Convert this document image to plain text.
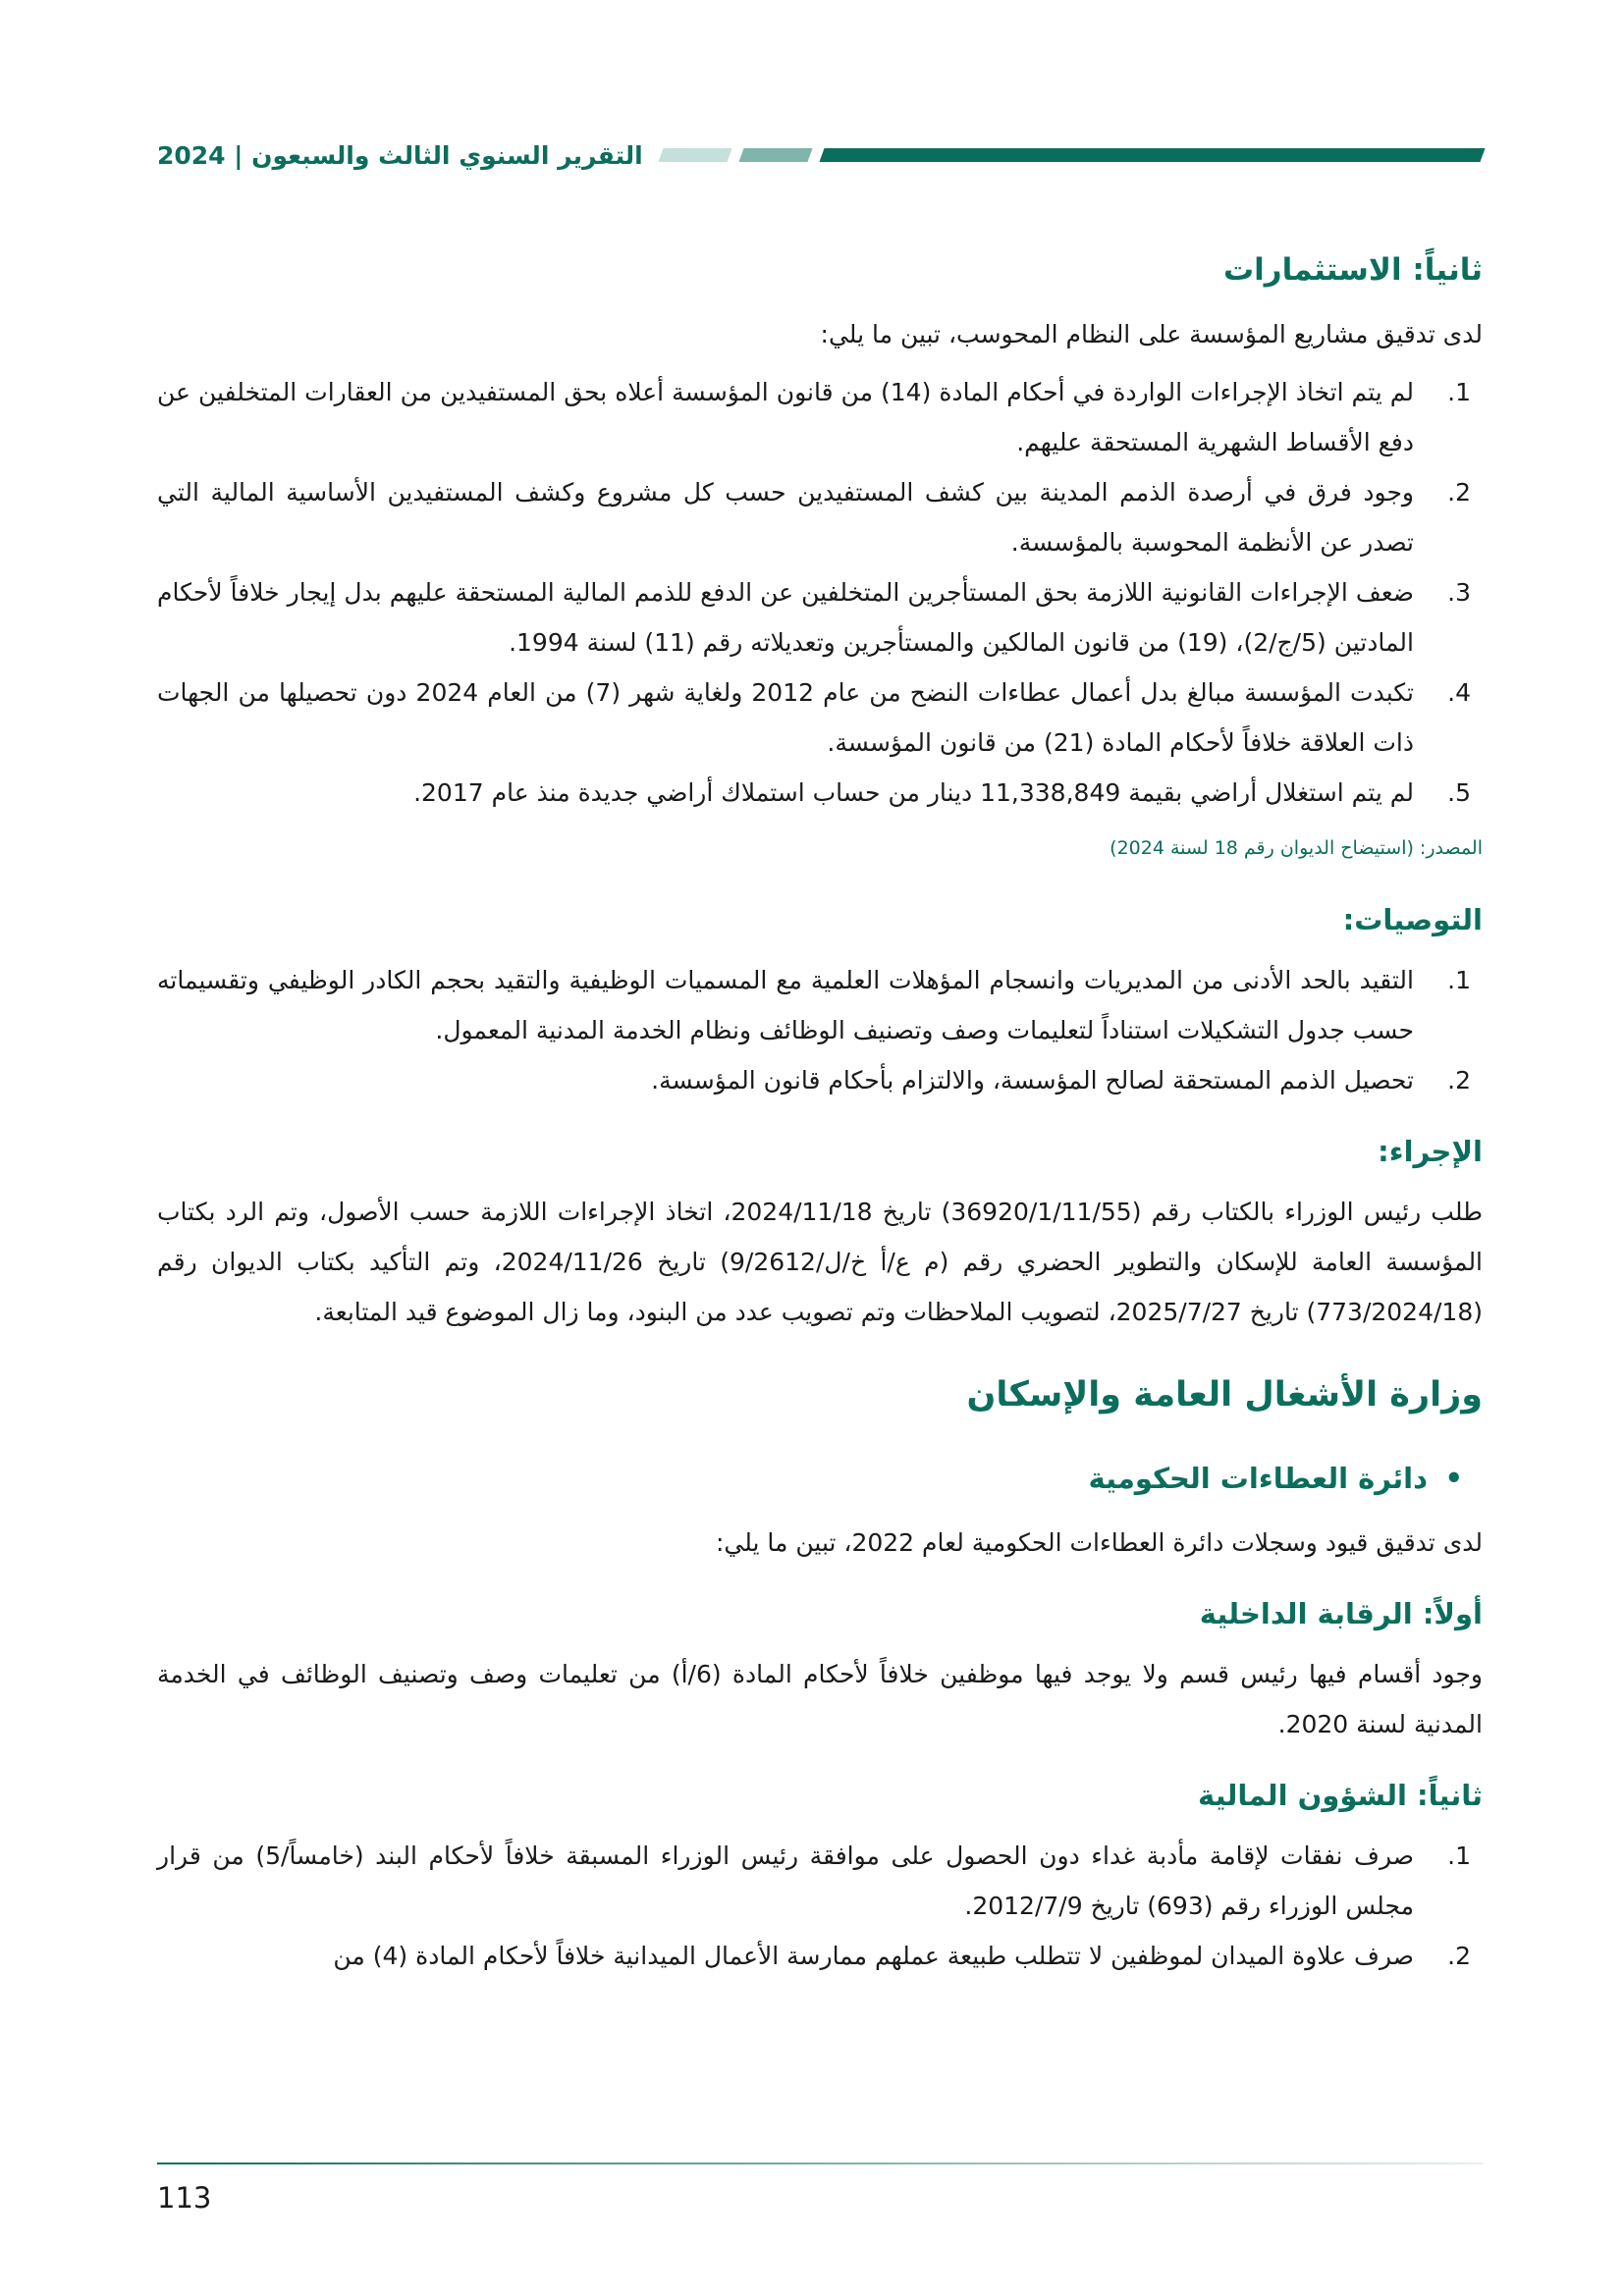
التقرير السنوي الثالث والسبعون | 2024
ثانياً: الاستثمارات

لدى تدقيق مشاريع المؤسسة على النظام المحوسب، تبين ما يلي:

1.
لم يتم اتخاذ الإجراءات الواردة في أحكام المادة (14) من قانون المؤسسة أعلاه بحق المستفيدين من العقارات المتخلفين عن دفع الأقساط الشهرية المستحقة عليهم.
2.
وجود فرق في أرصدة الذمم المدينة بين كشف المستفيدين حسب كل مشروع وكشف المستفيدين الأساسية المالية التي تصدر عن الأنظمة المحوسبة بالمؤسسة.
3.
ضعف الإجراءات القانونية اللازمة بحق المستأجرين المتخلفين عن الدفع للذمم المالية المستحقة عليهم بدل إيجار خلافاً لأحكام المادتين (5/ج/2)، (19) من قانون المالكين والمستأجرين وتعديلاته رقم (11) لسنة 1994.
4.
تكبدت المؤسسة مبالغ بدل أعمال عطاءات النضح من عام 2012 ولغاية شهر (7) من العام 2024 دون تحصيلها من الجهات ذات العلاقة خلافاً لأحكام المادة (21) من قانون المؤسسة.
5.
لم يتم استغلال أراضي بقيمة 11,338,849 دينار من حساب استملاك أراضي جديدة منذ عام 2017.
المصدر: (استيضاح الديوان رقم 18 لسنة 2024)
التوصيات:
1.
التقيد بالحد الأدنى من المديريات وانسجام المؤهلات العلمية مع المسميات الوظيفية والتقيد بحجم الكادر الوظيفي وتقسيماته حسب جدول التشكيلات استناداً لتعليمات وصف وتصنيف الوظائف ونظام الخدمة المدنية المعمول.
2.
تحصيل الذمم المستحقة لصالح المؤسسة، والالتزام بأحكام قانون المؤسسة.
الإجراء:

طلب رئيس الوزراء بالكتاب رقم (36920/1/11/55) تاريخ 2024/11/18، اتخاذ الإجراءات اللازمة حسب الأصول، وتم الرد بكتاب المؤسسة العامة للإسكان والتطوير الحضري رقم (م ع/أ خ/ل/9/2612) تاريخ 2024/11/26، وتم التأكيد بكتاب الديوان رقم (773/2024/18) تاريخ 2025/7/27، لتصويب الملاحظات وتم تصويب عدد من البنود، وما زال الموضوع قيد المتابعة.

وزارة الأشغال العامة والإسكان
• دائرة العطاءات الحكومية

لدى تدقيق قيود وسجلات دائرة العطاءات الحكومية لعام 2022، تبين ما يلي:

أولاً: الرقابة الداخلية

وجود أقسام فيها رئيس قسم ولا يوجد فيها موظفين خلافاً لأحكام المادة (6/أ) من تعليمات وصف وتصنيف الوظائف في الخدمة المدنية لسنة 2020.

ثانياً: الشؤون المالية
1.
صرف نفقات لإقامة مأدبة غداء دون الحصول على موافقة رئيس الوزراء المسبقة خلافاً لأحكام البند (خامساً/5) من قرار مجلس الوزراء رقم (693) تاريخ 2012/7/9.
2.
صرف علاوة الميدان لموظفين لا تتطلب طبيعة عملهم ممارسة الأعمال الميدانية خلافاً لأحكام المادة (4) من
113
